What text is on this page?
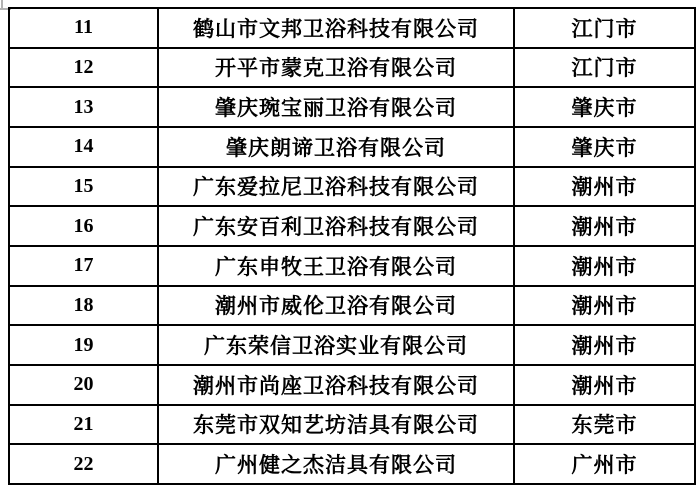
11	鹤山市文邦卫浴科技有限公司	江门市
12	开平市蒙克卫浴有限公司	江门市
13	肇庆琬宝丽卫浴有限公司	肇庆市
14	肇庆朗谛卫浴有限公司	肇庆市
15	广东爱拉尼卫浴科技有限公司	潮州市
16	广东安百利卫浴科技有限公司	潮州市
17	广东申牧王卫浴有限公司	潮州市
18	潮州市威伦卫浴有限公司	潮州市
19	广东荣信卫浴实业有限公司	潮州市
20	潮州市尚座卫浴科技有限公司	潮州市
21	东莞市双知艺坊洁具有限公司	东莞市
22	广州健之杰洁具有限公司	广州市
